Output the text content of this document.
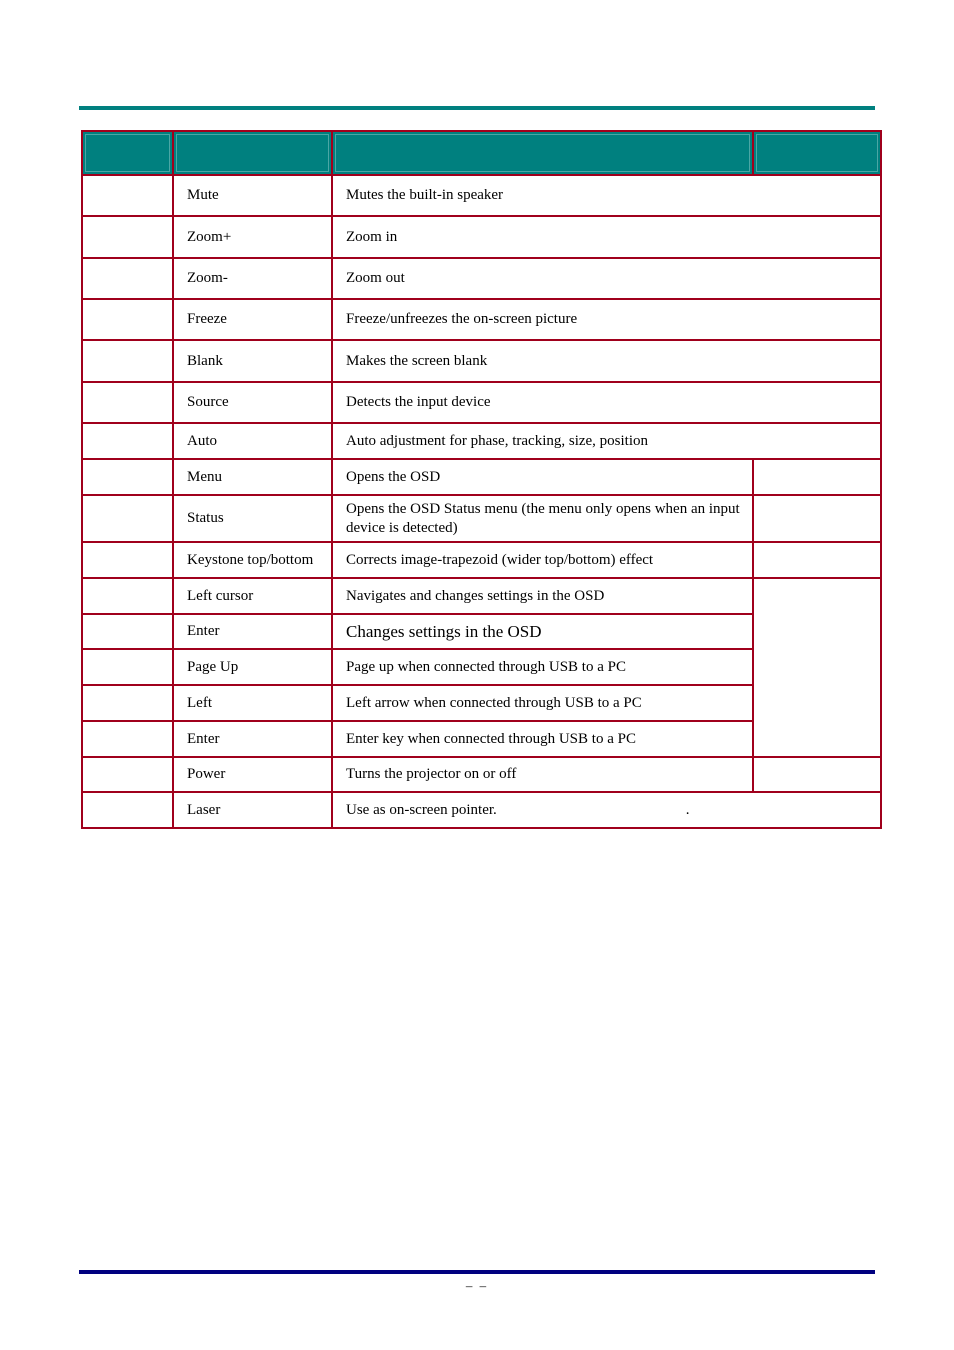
	Mute	Mutes the built-in speaker	
	Zoom+	Zoom in	
	Zoom-	Zoom out	
	Freeze	Freeze/unfreezes the on-screen picture	
	Blank	Makes the screen blank	
	Source	Detects the input device	
	Auto	Auto adjustment for phase, tracking, size, position	
	Menu	Opens the OSD	
	Status	Opens the OSD Status menu (the menu only opens when an input device is detected)	
	Keystone top/bottom	Corrects image-trapezoid (wider top/bottom) effect	
	Left cursor	Navigates and changes settings in the OSD	
	Enter	Changes settings in the OSD	
	Page Up	Page up when connected through USB to a PC	
	Left	Left arrow when connected through USB to a PC	
	Enter	Enter key when connected through USB to a PC	
	Power	Turns the projector on or off	
	Laser	Use as on-screen pointer. .	
– –
